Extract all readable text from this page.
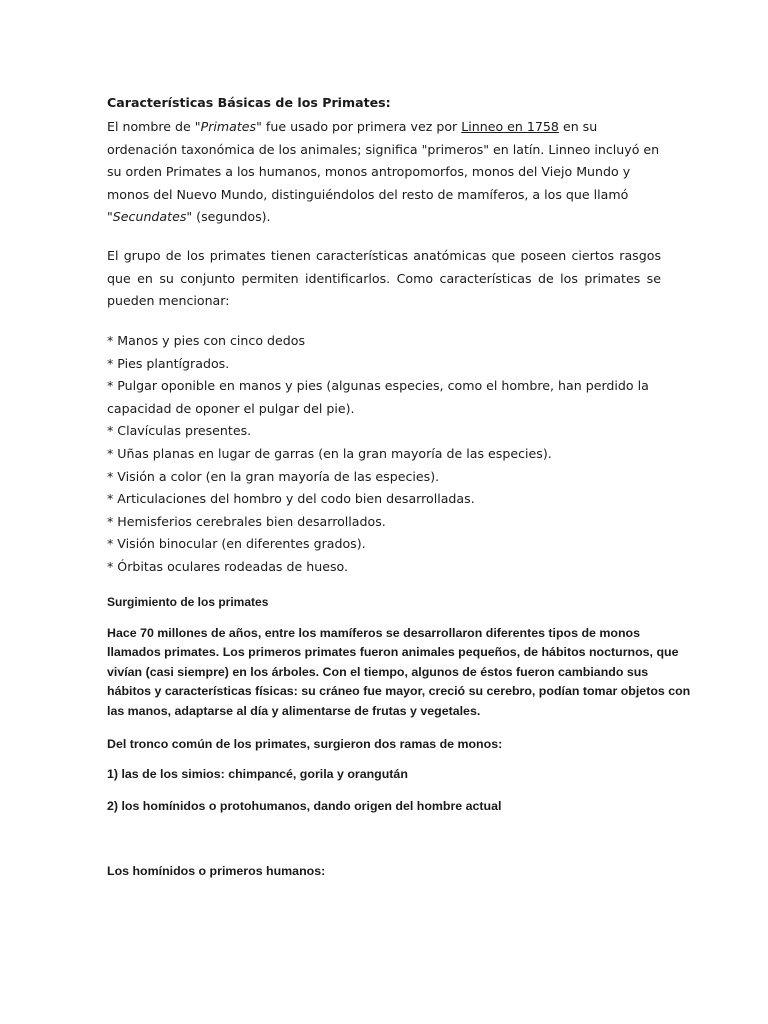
Características Básicas de los Primates:
El nombre de "Primates" fue usado por primera vez por Linneo en 1758 en su
ordenación taxonómica de los animales; significa "primeros" en latín. Linneo incluyó en
su orden Primates a los humanos, monos antropomorfos, monos del Viejo Mundo y
monos del Nuevo Mundo, distinguiéndolos del resto de mamíferos, a los que llamó
"Secundates" (segundos).
El grupo de los primates tienen características anatómicas que poseen ciertos rasgos
que en su conjunto permiten identificarlos. Como características de los primates se
pueden mencionar:
* Manos y pies con cinco dedos
* Pies plantígrados.
* Pulgar oponible en manos y pies (algunas especies, como el hombre, han perdido la
capacidad de oponer el pulgar del pie).
* Clavículas presentes.
* Uñas planas en lugar de garras (en la gran mayoría de las especies).
* Visión a color (en la gran mayoría de las especies).
* Articulaciones del hombro y del codo bien desarrolladas.
* Hemisferios cerebrales bien desarrollados.
* Visión binocular (en diferentes grados).
* Órbitas oculares rodeadas de hueso.
Surgimiento de los primates
Hace 70 millones de años, entre los mamíferos se desarrollaron diferentes tipos de monos
llamados primates. Los primeros primates fueron animales pequeños, de hábitos nocturnos, que
vivían (casi siempre) en los árboles. Con el tiempo, algunos de éstos fueron cambiando sus
hábitos y características físicas: su cráneo fue mayor, creció su cerebro, podían tomar objetos con
las manos, adaptarse al día y alimentarse de frutas y vegetales.
Del tronco común de los primates, surgieron dos ramas de monos:
1) las de los simios: chimpancé, gorila y orangután
2) los homínidos o protohumanos, dando origen del hombre actual
Los homínidos o primeros humanos:
